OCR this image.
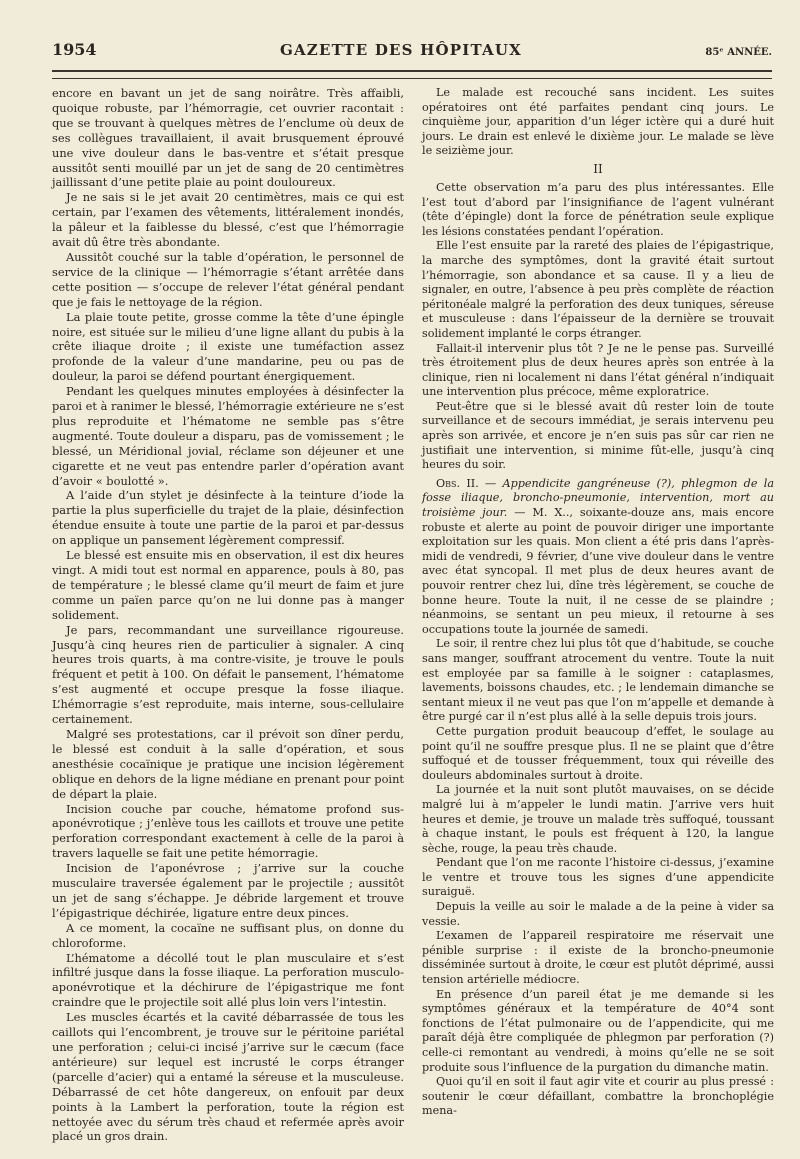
1954	GAZETTE DES HÔPITAUX	85ᵉ ANNÉE.

encore en bavant un jet de sang noirâtre. Très affaibli, quoique robuste, par l’hémorragie, cet ouvrier racontait : que se trouvant à quelques mètres de l’enclume où deux de ses collègues travaillaient, il avait brusquement éprouvé une vive douleur dans le bas-ventre et s’était presque aussitôt senti mouillé par un jet de sang de 20 centimètres jaillissant d’une petite plaie au point douloureux.

Je ne sais si le jet avait 20 centimètres, mais ce qui est certain, par l’examen des vêtements, littéralement inondés, la pâleur et la faiblesse du blessé, c’est que l’hémorragie avait dû être très abondante.

Aussitôt couché sur la table d’opération, le personnel de service de la clinique — l’hémorragie s’étant arrêtée dans cette position — s’occupe de relever l’état général pendant que je fais le nettoyage de la région.

La plaie toute petite, grosse comme la tête d’une épingle noire, est située sur le milieu d’une ligne allant du pubis à la crête iliaque droite ; il existe une tuméfaction assez profonde de la valeur d’une mandarine, peu ou pas de douleur, la paroi se défend pourtant énergiquement.

Pendant les quelques minutes employées à désinfecter la paroi et à ranimer le blessé, l’hémorragie extérieure ne s’est plus reproduite et l’hématome ne semble pas s’être augmenté. Toute douleur a disparu, pas de vomissement ; le blessé, un Méridional jovial, réclame son déjeuner et une cigarette et ne veut pas entendre parler d’opération avant d’avoir « boulotté ».

A l’aide d’un stylet je désinfecte à la teinture d’iode la partie la plus superficielle du trajet de la plaie, désinfection étendue ensuite à toute une partie de la paroi et par-dessus on applique un pansement légèrement compressif.

Le blessé est ensuite mis en observation, il est dix heures vingt. A midi tout est normal en apparence, pouls à 80, pas de température ; le blessé clame qu’il meurt de faim et jure comme un païen parce qu’on ne lui donne pas à manger solidement.

Je pars, recommandant une surveillance rigoureuse. Jusqu’à cinq heures rien de particulier à signaler. A cinq heures trois quarts, à ma contre-visite, je trouve le pouls fréquent et petit à 100. On défait le pansement, l’hématome s’est augmenté et occupe presque la fosse iliaque. L’hémorragie s’est reproduite, mais interne, sous-cellulaire certainement.

Malgré ses protestations, car il prévoit son dîner perdu, le blessé est conduit à la salle d’opération, et sous anesthésie cocaïnique je pratique une incision légèrement oblique en dehors de la ligne médiane en prenant pour point de départ la plaie.

Incision couche par couche, hématome profond sus-aponévrotique ; j’enlève tous les caillots et trouve une petite perforation correspondant exactement à celle de la paroi à travers laquelle se fait une petite hémorragie.

Incision de l’aponévrose ; j’arrive sur la couche musculaire traversée également par le projectile ; aussitôt un jet de sang s’échappe. Je débride largement et trouve l’épigastrique déchirée, ligature entre deux pinces.

A ce moment, la cocaïne ne suffisant plus, on donne du chloroforme.

L’hématome a décollé tout le plan musculaire et s’est infiltré jusque dans la fosse iliaque. La perforation musculo-aponévrotique et la déchirure de l’épigastrique me font craindre que le projectile soit allé plus loin vers l’intestin.

Les muscles écartés et la cavité débarrassée de tous les caillots qui l’encombrent, je trouve sur le péritoine pariétal une perforation ; celui-ci incisé j’arrive sur le cæcum (face antérieure) sur lequel est incrusté le corps étranger (parcelle d’acier) qui a entamé la séreuse et la musculeuse. Débarrassé de cet hôte dangereux, on enfouit par deux points à la Lambert la perforation, toute la région est nettoyée avec du sérum très chaud et refermée après avoir placé un gros drain.

Le malade est recouché sans incident. Les suites opératoires ont été parfaites pendant cinq jours. Le cinquième jour, apparition d’un léger ictère qui a duré huit jours. Le drain est enlevé le dixième jour. Le malade se lève le seizième jour.

II

Cette observation m’a paru des plus intéressantes. Elle l’est tout d’abord par l’insignifiance de l’agent vulnérant (tête d’épingle) dont la force de pénétration seule explique les lésions constatées pendant l’opération.

Elle l’est ensuite par la rareté des plaies de l’épigastrique, la marche des symptômes, dont la gravité était surtout l’hémorragie, son abondance et sa cause. Il y a lieu de signaler, en outre, l’absence à peu près complète de réaction péritonéale malgré la perforation des deux tuniques, séreuse et musculeuse : dans l’épaisseur de la dernière se trouvait solidement implanté le corps étranger.

Fallait-il intervenir plus tôt ? Je ne le pense pas. Surveillé très étroitement plus de deux heures après son entrée à la clinique, rien ni localement ni dans l’état général n’indiquait une intervention plus précoce, même exploratrice.

Peut-être que si le blessé avait dû rester loin de toute surveillance et de secours immédiat, je serais intervenu peu après son arrivée, et encore je n’en suis pas sûr car rien ne justifiait une intervention, si minime fût-elle, jusqu’à cinq heures du soir.

Obs. II. — Appendicite gangréneuse (?), phlegmon de la fosse iliaque, broncho-pneumonie, intervention, mort au troisième jour. — M. X.., soixante-douze ans, mais encore robuste et alerte au point de pouvoir diriger une importante exploitation sur les quais. Mon client a été pris dans l’après-midi de vendredi, 9 février, d’une vive douleur dans le ventre avec état syncopal. Il met plus de deux heures avant de pouvoir rentrer chez lui, dîne très légèrement, se couche de bonne heure. Toute la nuit, il ne cesse de se plaindre ; néanmoins, se sentant un peu mieux, il retourne à ses occupations toute la journée de samedi.

Le soir, il rentre chez lui plus tôt que d’habitude, se couche sans manger, souffrant atrocement du ventre. Toute la nuit est employée par sa famille à le soigner : cataplasmes, lavements, boissons chaudes, etc. ; le lendemain dimanche se sentant mieux il ne veut pas que l’on m’appelle et demande à être purgé car il n’est plus allé à la selle depuis trois jours.

Cette purgation produit beaucoup d’effet, le soulage au point qu’il ne souffre presque plus. Il ne se plaint que d’être suffoqué et de tousser fréquemment, toux qui réveille des douleurs abdominales surtout à droite.

La journée et la nuit sont plutôt mauvaises, on se décide malgré lui à m’appeler le lundi matin. J’arrive vers huit heures et demie, je trouve un malade très suffoqué, toussant à chaque instant, le pouls est fréquent à 120, la langue sèche, rouge, la peau très chaude.

Pendant que l’on me raconte l’histoire ci-dessus, j’examine le ventre et trouve tous les signes d’une appendicite suraiguë.

Depuis la veille au soir le malade a de la peine à vider sa vessie.

L’examen de l’appareil respiratoire me réservait une pénible surprise : il existe de la broncho-pneumonie disséminée surtout à droite, le cœur est plutôt déprimé, aussi tension artérielle médiocre.

En présence d’un pareil état je me demande si les symptômes généraux et la température de 40°4 sont fonctions de l’état pulmonaire ou de l’appendicite, qui me paraît déjà être compliquée de phlegmon par perforation (?) celle-ci remontant au vendredi, à moins qu’elle ne se soit produite sous l’influence de la purgation du dimanche matin.

Quoi qu’il en soit il faut agir vite et courir au plus pressé : soutenir le cœur défaillant, combattre la bronchoplégie mena-
